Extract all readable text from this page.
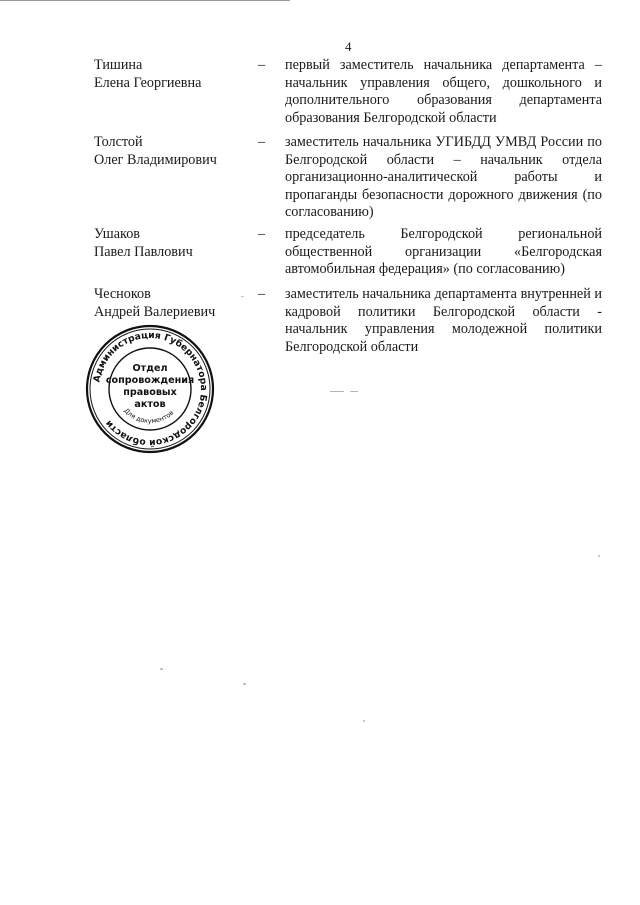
4
Тишина
Елена Георгиевна
– первый заместитель начальника департамента – начальник управления общего, дошкольного и дополнительного образования департамента образования Белгородской области
Толстой
Олег Владимирович
– заместитель начальника УГИБДД УМВД России по Белгородской области – начальник отдела организационно-аналитической работы и пропаганды безопасности дорожного движения (по согласованию)
Ушаков
Павел Павлович
– председатель Белгородской региональной общественной организации «Белгородская автомобильная федерация» (по согласованию)
Чесноков
Андрей Валериевич
– заместитель начальника департамента внутренней и кадровой политики Белгородской области - начальник управления молодежной политики Белгородской области
Администрация Губернатора Белгородской области
Для документов
Отдел сопровождения правовых актов
